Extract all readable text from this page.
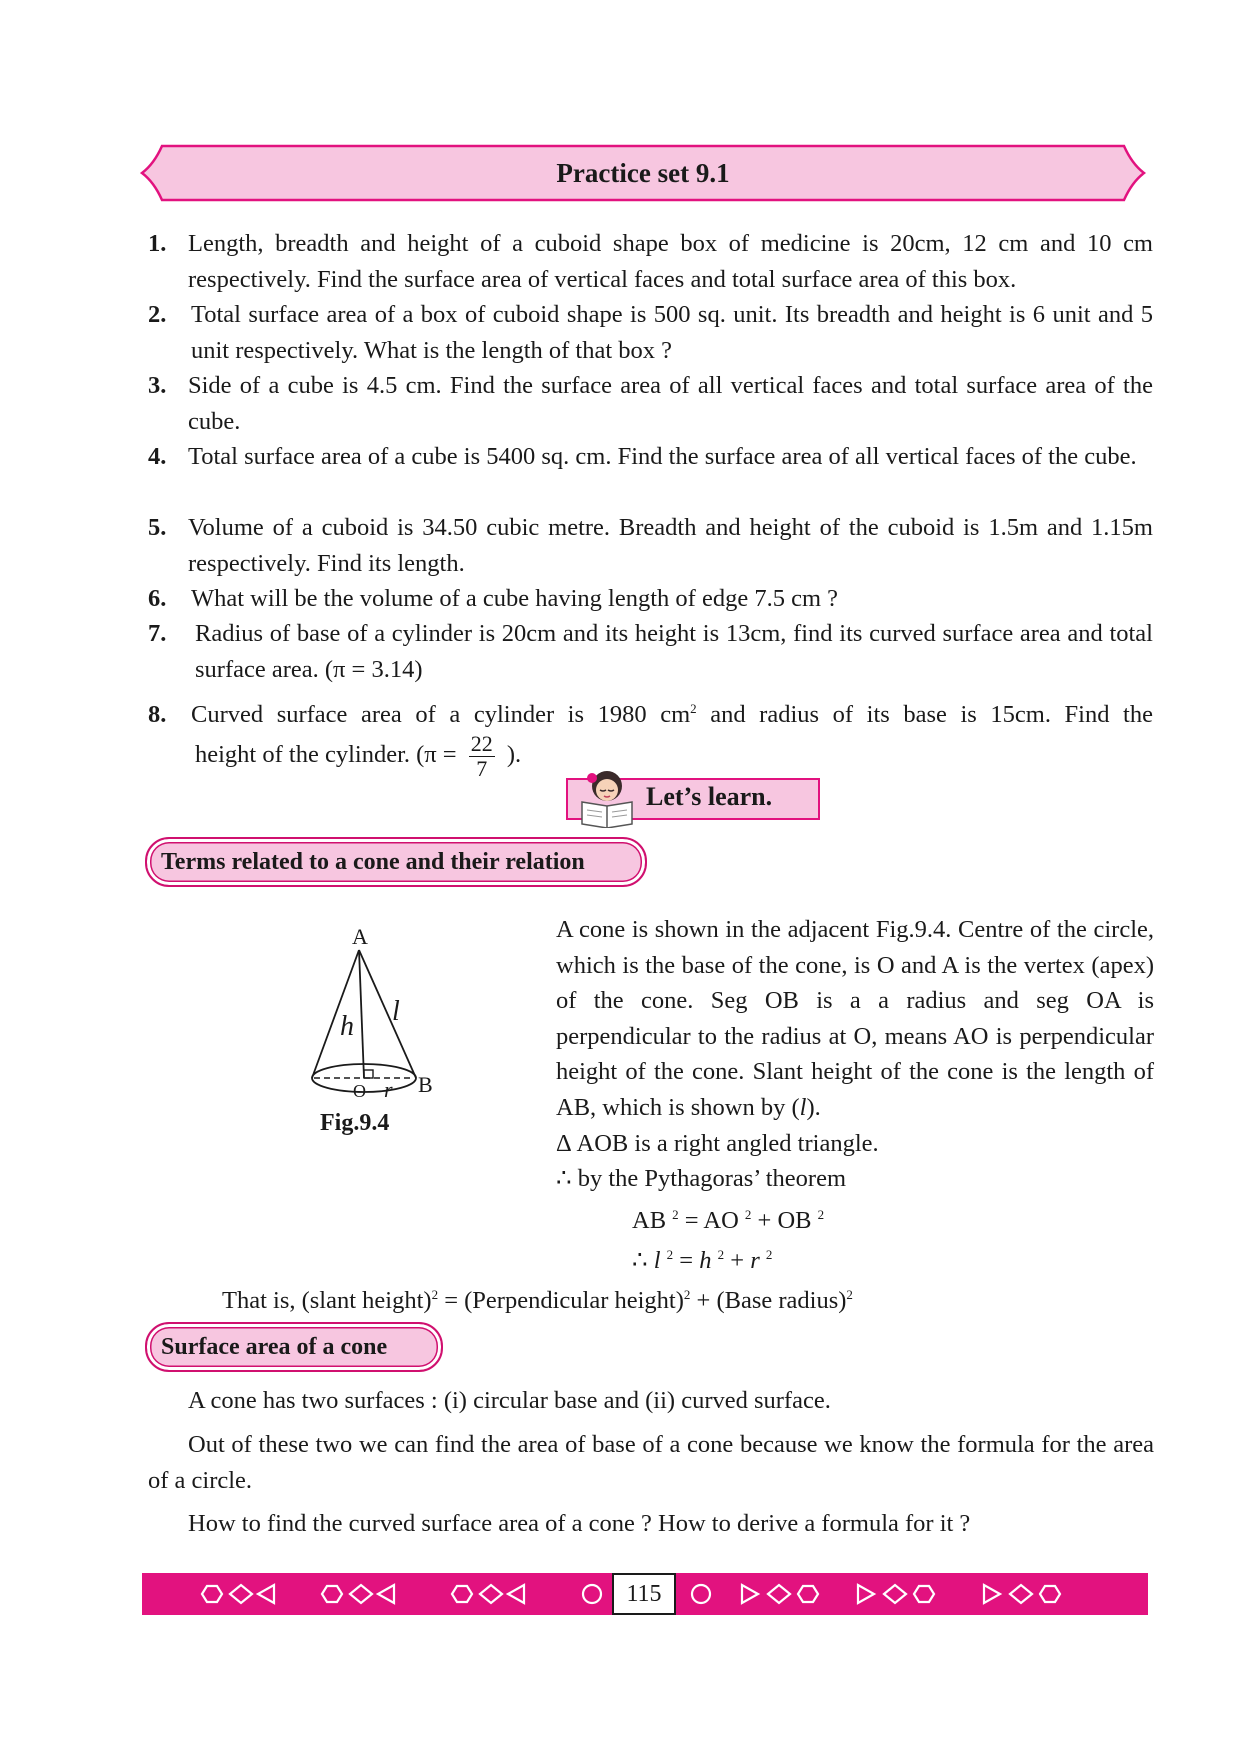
Practice set 9.1
1. Length, breadth and height of a cuboid shape box of medicine is 20cm, 12 cm and 10 cm respectively. Find the surface area of vertical faces and total surface area of this box.
2.	Total surface area of a box of cuboid shape is 500 sq. unit. Its breadth and height is 6 unit and 5 unit respectively. What is the length of that box ?
3. Side of a cube is 4.5 cm. Find the surface area of all vertical faces and total surface area of the cube.
4. Total surface area of a cube is 5400 sq. cm. Find the surface area of all vertical faces of the cube.
5. Volume of a cuboid is 34.50 cubic metre. Breadth and height of the cuboid is 1.5m and 1.15m respectively. Find its length.
6.	What will be the volume of a cube having length of edge 7.5 cm ?
7.	Radius of base of a cylinder is 20cm and its height is 13cm, find its curved surface area and total surface area. (π = 3.14)
8.	Curved surface area of a cylinder is 1980 $cm^2$ and radius of its base is 15cm. Find the
height of the cylinder. ($\pi = \frac{22}{7}$ ).
Let’s learn.
Terms related to a cone and their relation
A
h l
O r B
Fig.9.4
A cone is shown in the adjacent Fig.9.4. Centre of the circle, which is the base of the cone, is O and A is the vertex (apex) of the cone. Seg OB is a a radius and seg OA is perpendicular to the radius at O, means AO is perpendicular height of the cone. Slant height of the cone is the length of AB, which is shown by (l).
Δ AOB is a right angled triangle.
∴ by the Pythagoras’ theorem
AB $^2$ = AO $^2$ + OB $^2$
∴ l $^2$ = h $^2$ + r $^2$
That is, (slant height)$^2$ = (Perpendicular height)$^2$ + (Base radius)$^2$
Surface area of a cone
A cone has two surfaces : (i) circular base and (ii) curved surface.
Out of these two we can find the area of base of a cone because we know the formula for the area of a circle.
How to find the curved surface area of a cone ? How to derive a formula for it ?
115
